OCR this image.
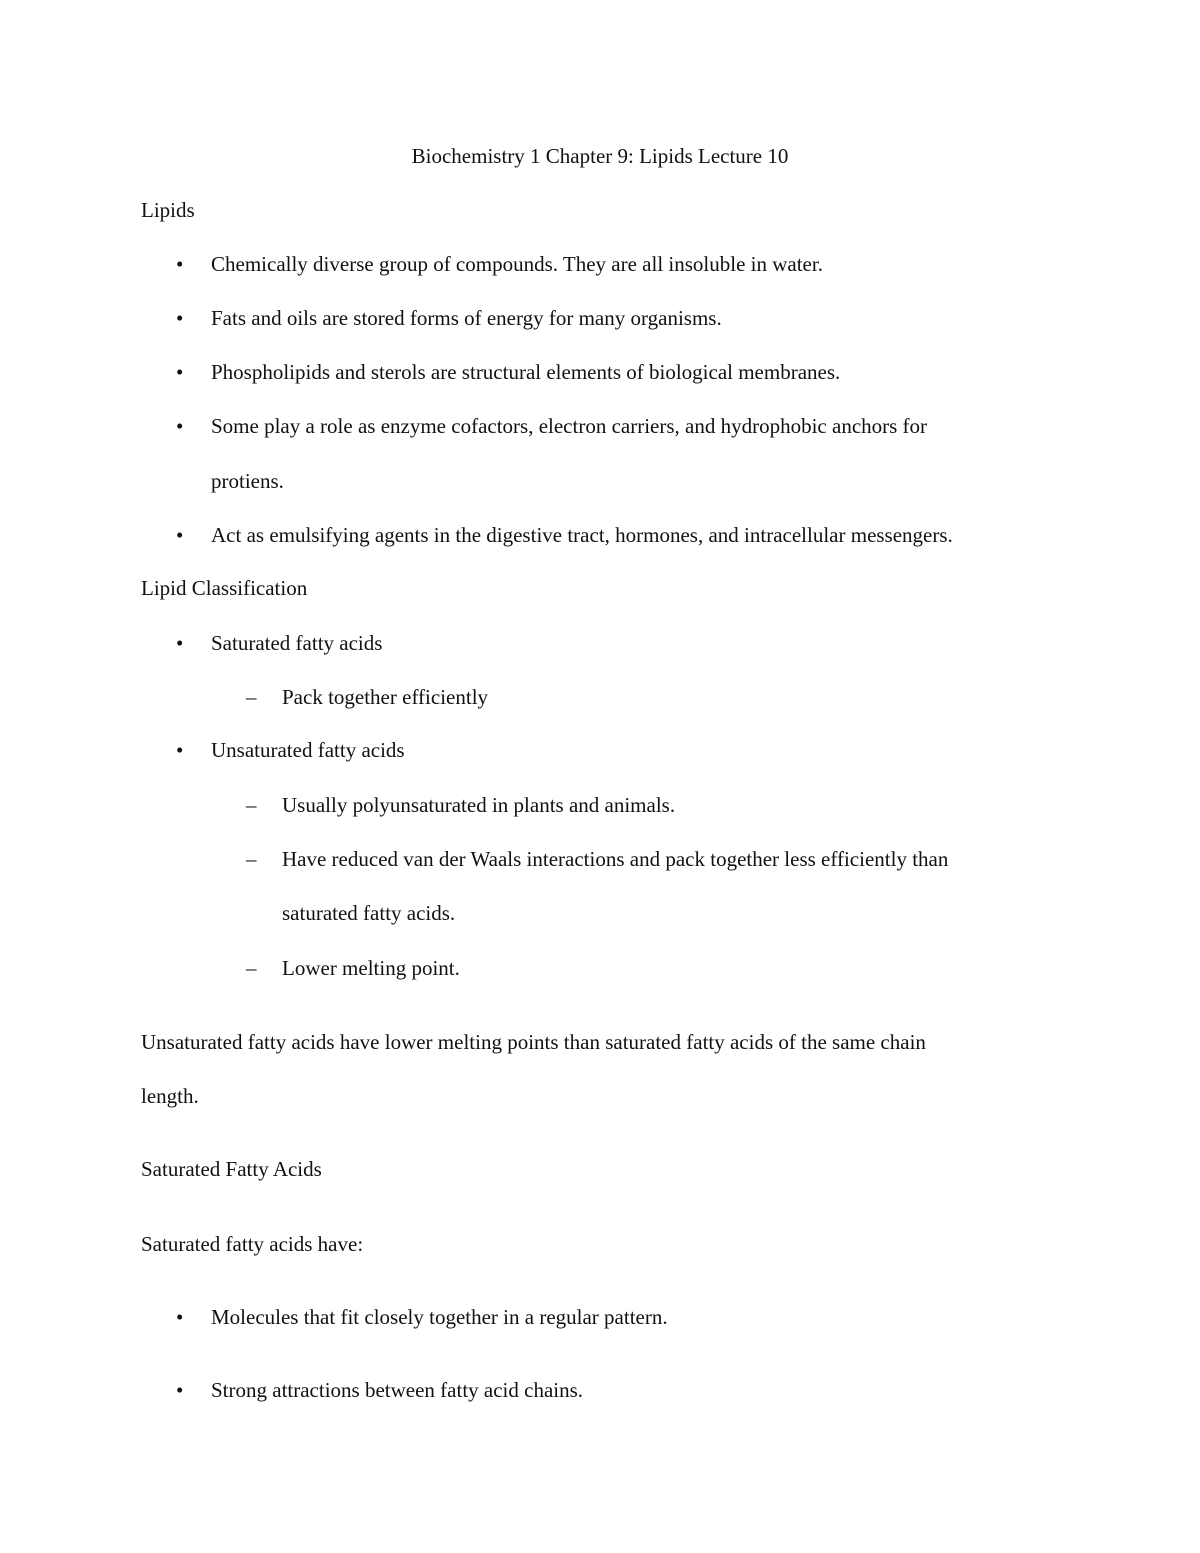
Biochemistry 1 Chapter 9: Lipids Lecture 10

Lipids

• Chemically diverse group of compounds. They are all insoluble in water.

• Fats and oils are stored forms of energy for many organisms.

• Phospholipids and sterols are structural elements of biological membranes.

• Some play a role as enzyme cofactors, electron carriers, and hydrophobic anchors for

protiens.

• Act as emulsifying agents in the digestive tract, hormones, and intracellular messengers.

Lipid Classification

• Saturated fatty acids

– Pack together efficiently

• Unsaturated fatty acids

– Usually polyunsaturated in plants and animals.

– Have reduced van der Waals interactions and pack together less efficiently than

saturated fatty acids.

– Lower melting point.

Unsaturated fatty acids have lower melting points than saturated fatty acids of the same chain

length.

Saturated Fatty Acids

Saturated fatty acids have:

• Molecules that fit closely together in a regular pattern.

• Strong attractions between fatty acid chains.
